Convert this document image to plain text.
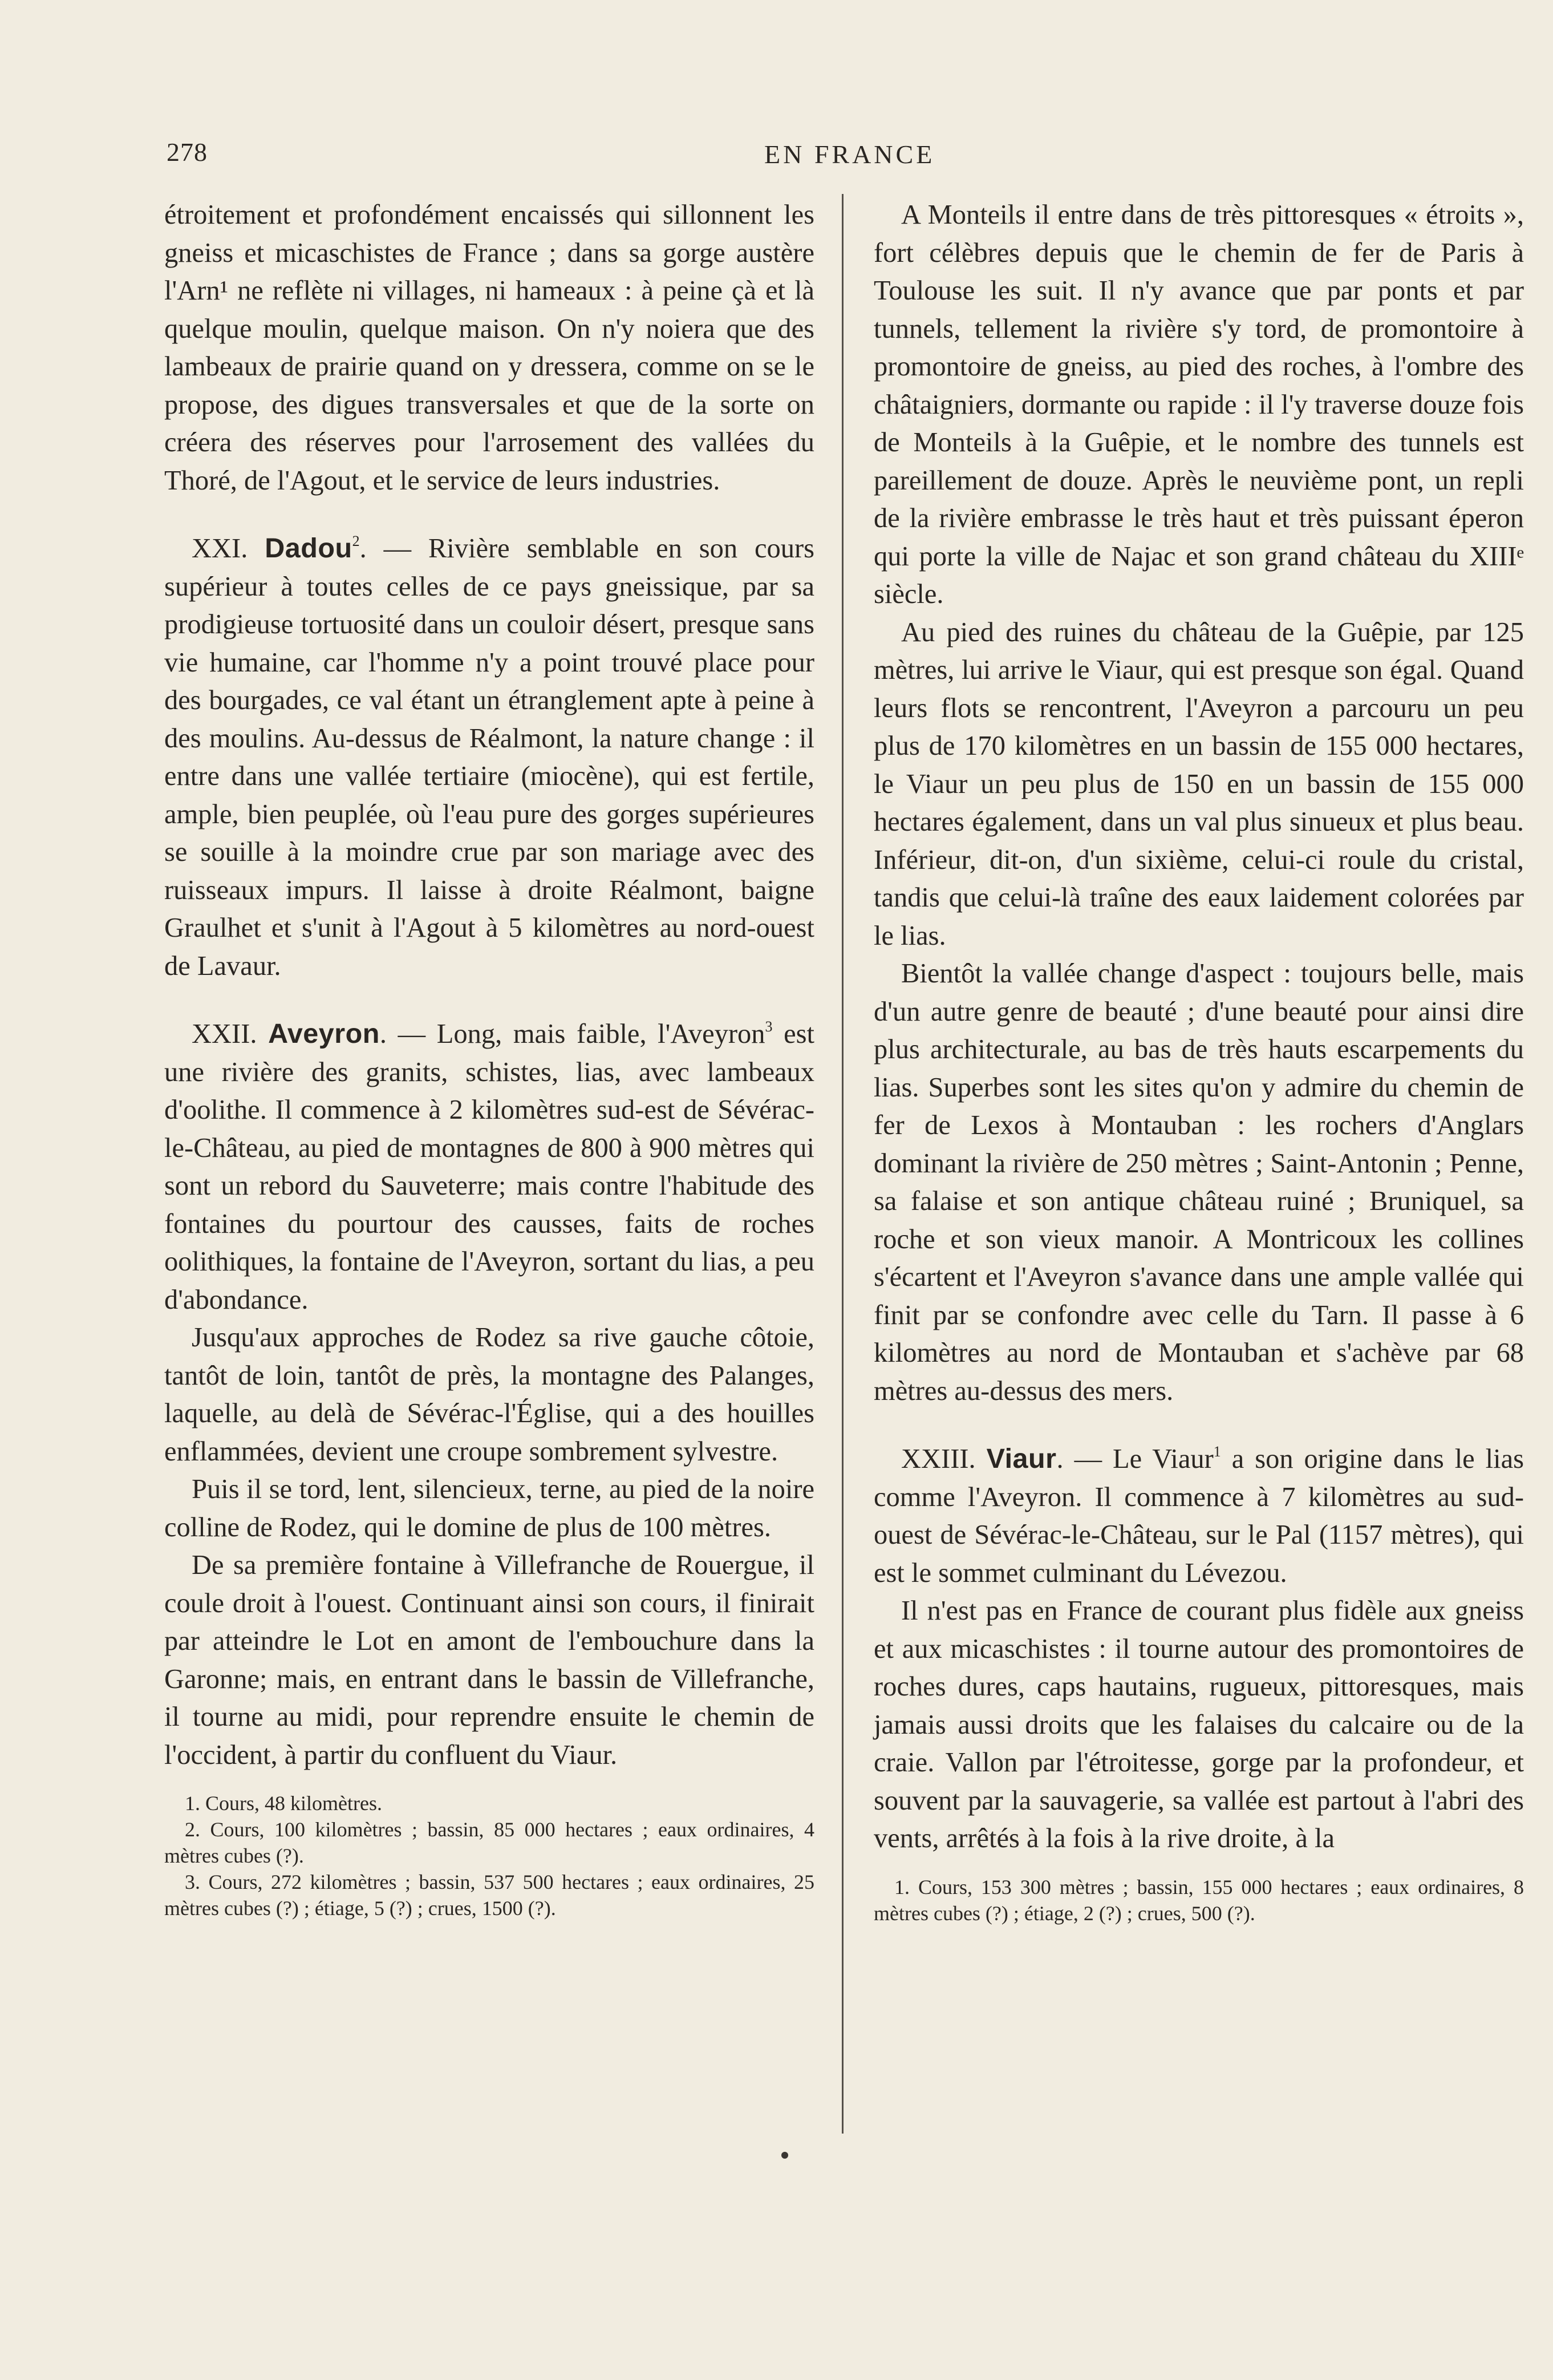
278	EN FRANCE

étroitement et profondément encaissés qui sillonnent les gneiss et micaschistes de France ; dans sa gorge austère l'Arn¹ ne reflète ni villages, ni hameaux : à peine çà et là quelque moulin, quelque maison. On n'y noiera que des lambeaux de prairie quand on y dressera, comme on se le propose, des digues transversales et que de la sorte on créera des réserves pour l'arrosement des vallées du Thoré, de l'Agout, et le service de leurs industries.

XXI. Dadou$^2$. — Rivière semblable en son cours supérieur à toutes celles de ce pays gneissique, par sa prodigieuse tortuosité dans un couloir désert, presque sans vie humaine, car l'homme n'y a point trouvé place pour des bourgades, ce val étant un étranglement apte à peine à des moulins. Au-dessus de Réalmont, la nature change : il entre dans une vallée tertiaire (miocène), qui est fertile, ample, bien peuplée, où l'eau pure des gorges supérieures se souille à la moindre crue par son mariage avec des ruisseaux impurs. Il laisse à droite Réalmont, baigne Graulhet et s'unit à l'Agout à 5 kilomètres au nord-ouest de Lavaur.

XXII. Aveyron. — Long, mais faible, l'Aveyron$^3$ est une rivière des granits, schistes, lias, avec lambeaux d'oolithe. Il commence à 2 kilomètres sud-est de Sévérac-le-Château, au pied de montagnes de 800 à 900 mètres qui sont un rebord du Sauveterre; mais contre l'habitude des fontaines du pourtour des causses, faits de roches oolithiques, la fontaine de l'Aveyron, sortant du lias, a peu d'abondance.

Jusqu'aux approches de Rodez sa rive gauche côtoie, tantôt de loin, tantôt de près, la montagne des Palanges, laquelle, au delà de Sévérac-l'Église, qui a des houilles enflammées, devient une croupe sombrement sylvestre.

Puis il se tord, lent, silencieux, terne, au pied de la noire colline de Rodez, qui le domine de plus de 100 mètres.

De sa première fontaine à Villefranche de Rouergue, il coule droit à l'ouest. Continuant ainsi son cours, il finirait par atteindre le Lot en amont de l'embouchure dans la Garonne; mais, en entrant dans le bassin de Villefranche, il tourne au midi, pour reprendre ensuite le chemin de l'occident, à partir du confluent du Viaur.

1. Cours, 48 kilomètres.

2. Cours, 100 kilomètres ; bassin, 85 000 hectares ; eaux ordinaires, 4 mètres cubes (?).

3. Cours, 272 kilomètres ; bassin, 537 500 hectares ; eaux ordinaires, 25 mètres cubes (?) ; étiage, 5 (?) ; crues, 1500 (?).

A Monteils il entre dans de très pittoresques « étroits », fort célèbres depuis que le chemin de fer de Paris à Toulouse les suit. Il n'y avance que par ponts et par tunnels, tellement la rivière s'y tord, de promontoire à promontoire de gneiss, au pied des roches, à l'ombre des châtaigniers, dormante ou rapide : il l'y traverse douze fois de Monteils à la Guêpie, et le nombre des tunnels est pareillement de douze. Après le neuvième pont, un repli de la rivière embrasse le très haut et très puissant éperon qui porte la ville de Najac et son grand château du XIIIᵉ siècle.

Au pied des ruines du château de la Guêpie, par 125 mètres, lui arrive le Viaur, qui est presque son égal. Quand leurs flots se rencontrent, l'Aveyron a parcouru un peu plus de 170 kilomètres en un bassin de 155 000 hectares, le Viaur un peu plus de 150 en un bassin de 155 000 hectares également, dans un val plus sinueux et plus beau. Inférieur, dit-on, d'un sixième, celui-ci roule du cristal, tandis que celui-là traîne des eaux laidement colorées par le lias.

Bientôt la vallée change d'aspect : toujours belle, mais d'un autre genre de beauté ; d'une beauté pour ainsi dire plus architecturale, au bas de très hauts escarpements du lias. Superbes sont les sites qu'on y admire du chemin de fer de Lexos à Montauban : les rochers d'Anglars dominant la rivière de 250 mètres ; Saint-Antonin ; Penne, sa falaise et son antique château ruiné ; Bruniquel, sa roche et son vieux manoir. A Montricoux les collines s'écartent et l'Aveyron s'avance dans une ample vallée qui finit par se confondre avec celle du Tarn. Il passe à 6 kilomètres au nord de Montauban et s'achève par 68 mètres au-dessus des mers.

XXIII. Viaur. — Le Viaur$^1$ a son origine dans le lias comme l'Aveyron. Il commence à 7 kilomètres au sud-ouest de Sévérac-le-Château, sur le Pal (1157 mètres), qui est le sommet culminant du Lévezou.

Il n'est pas en France de courant plus fidèle aux gneiss et aux micaschistes : il tourne autour des promontoires de roches dures, caps hautains, rugueux, pittoresques, mais jamais aussi droits que les falaises du calcaire ou de la craie. Vallon par l'étroitesse, gorge par la profondeur, et souvent par la sauvagerie, sa vallée est partout à l'abri des vents, arrêtés à la fois à la rive droite, à la

1. Cours, 153 300 mètres ; bassin, 155 000 hectares ; eaux ordinaires, 8 mètres cubes (?) ; étiage, 2 (?) ; crues, 500 (?).
